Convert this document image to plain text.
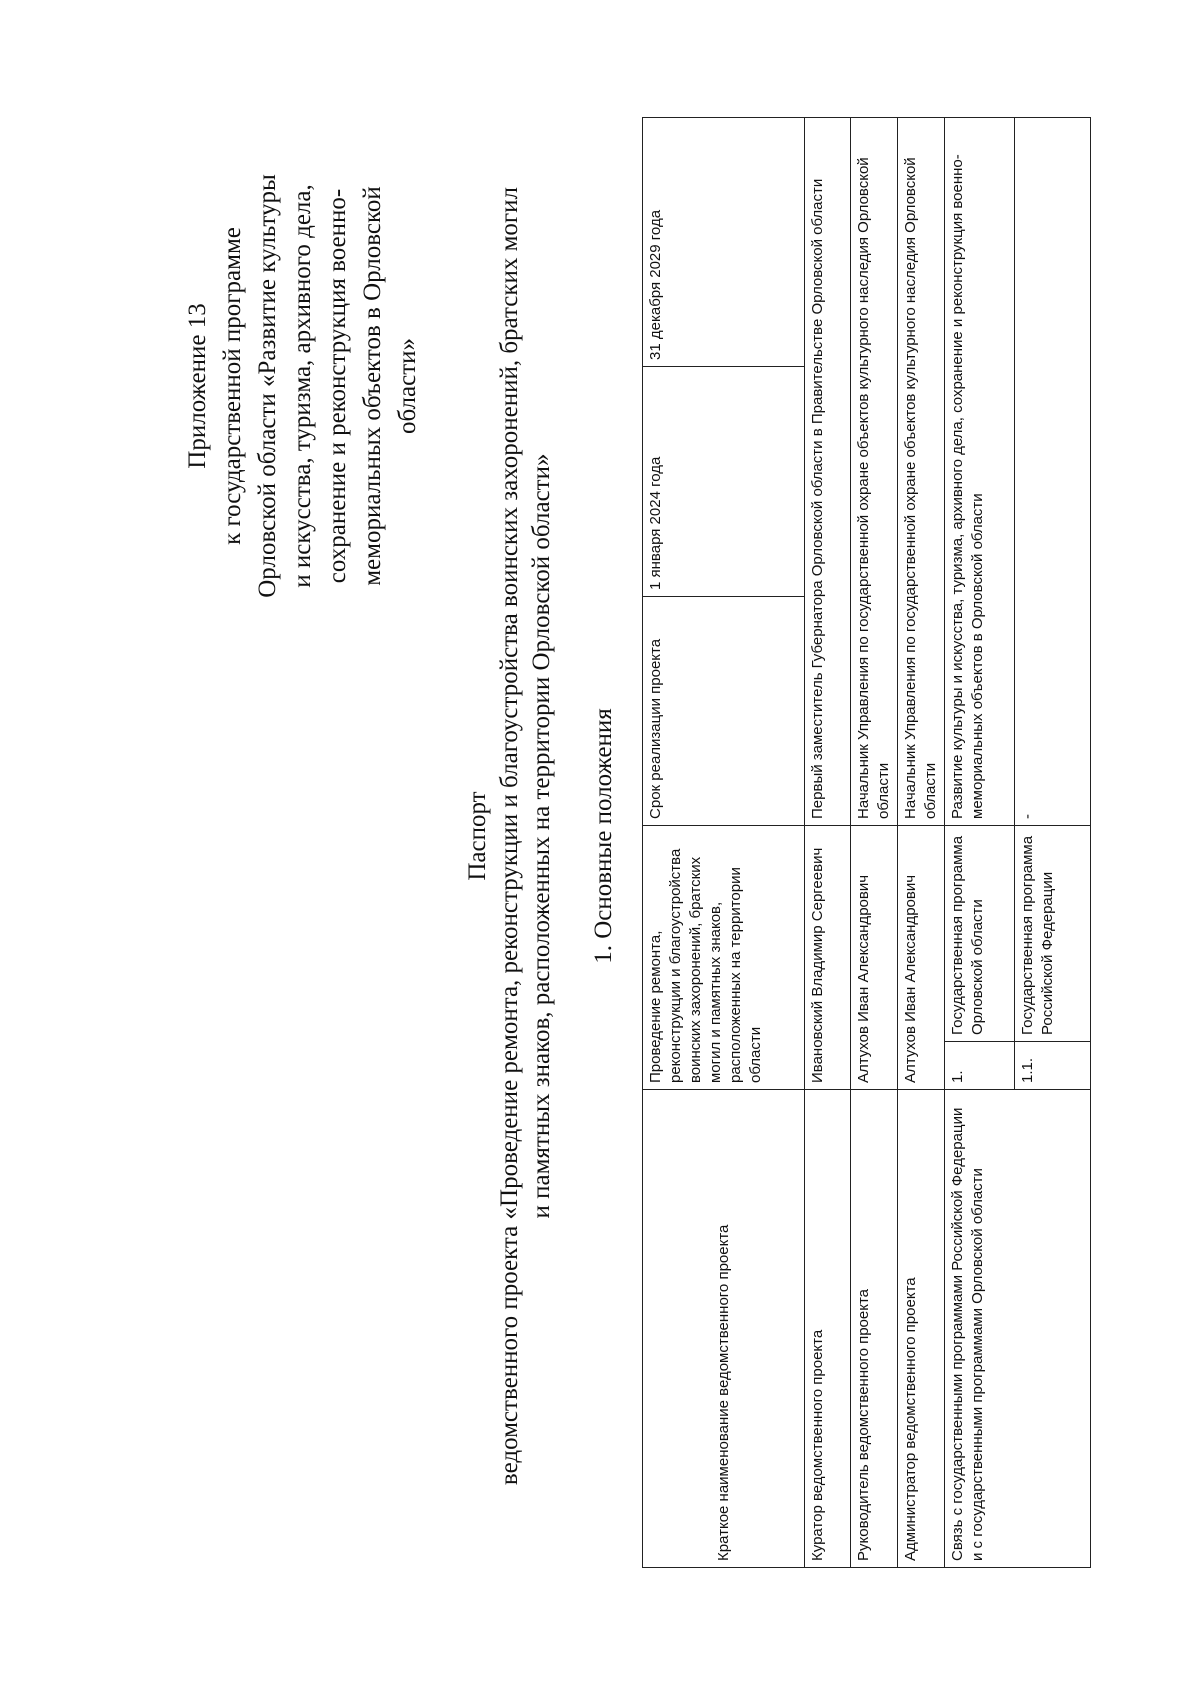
Приложение 13 к государственной программе Орловской области «Развитие культуры и искусства, туризма, архивного дела, сохранение и реконструкция военно- мемориальных объектов в Орловской области»
Паспорт ведомственного проекта «Проведение ремонта, реконструкции и благоустройства воинских захоронений, братских могил и памятных знаков, расположенных на территории Орловской области» 1. Основные положения
Краткое наименование ведомственного проекта	Проведение ремонта, реконструкции и благоустройства воинских захоронений, братских могил и памятных знаков, расположенных на территории области		Срок реализации проекта	1 января 2024 года	31 декабря 2029 года
Куратор ведомственного проекта	Ивановский Владимир Сергеевич		Первый заместитель Губернатора Орловской области в Правительстве Орловской области		
Руководитель ведомственного проекта	Алтухов Иван Александрович		Начальник Управления по государственной охране объектов культурного наследия Орловской области		
Администратор ведомственного проекта	Алтухов Иван Александрович		Начальник Управления по государственной охране объектов культурного наследия Орловской области		
Связь с государственными программами Российской Федерации и с государственными программами Орловской области	1.	Государственная программа Орловской области	Развитие культуры и искусства, туризма, архивного дела, сохранение и реконструкция военно-мемориальных объектов в Орловской области		
	1.1.	Государственная программа Российской Федерации	-		
